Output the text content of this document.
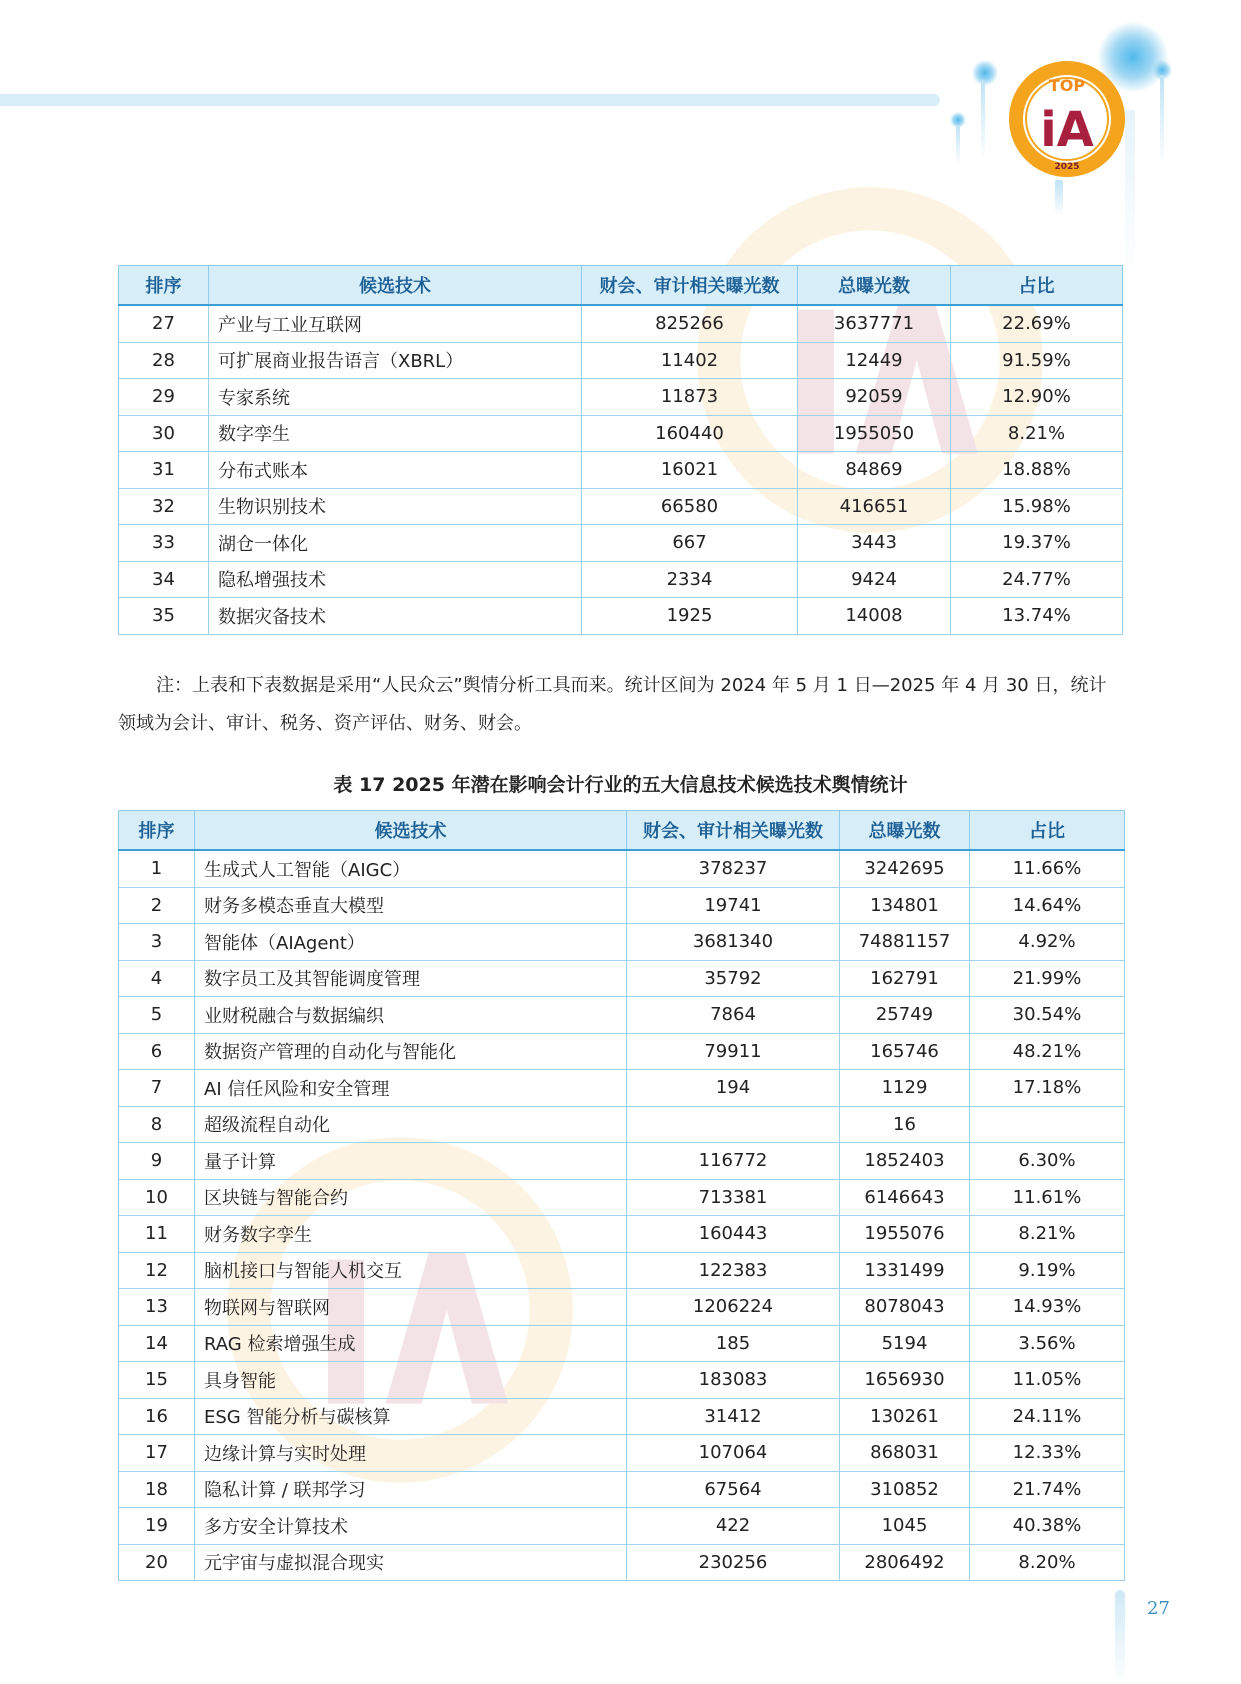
TOP
iA
2025
排序	候选技术	财会、审计相关曝光数	总曝光数	占比
27	产业与工业互联网	825266	3637771	22.69%
28	可扩展商业报告语言（XBRL）	11402	12449	91.59%
29	专家系统	11873	92059	12.90%
30	数字孪生	160440	1955050	8.21%
31	分布式账本	16021	84869	18.88%
32	生物识别技术	66580	416651	15.98%
33	湖仓一体化	667	3443	19.37%
34	隐私增强技术	2334	9424	24.77%
35	数据灾备技术	1925	14008	13.74%
注：上表和下表数据是采用“人民众云”舆情分析工具而来。统计区间为 2024 年 5 月 1 日—2025 年 4 月 30 日，统计领域为会计、审计、税务、资产评估、财务、财会。
表 17 2025 年潜在影响会计行业的五大信息技术候选技术舆情统计
排序	候选技术	财会、审计相关曝光数	总曝光数	占比
1	生成式人工智能（AIGC）	378237	3242695	11.66%
2	财务多模态垂直大模型	19741	134801	14.64%
3	智能体（AIAgent）	3681340	74881157	4.92%
4	数字员工及其智能调度管理	35792	162791	21.99%
5	业财税融合与数据编织	7864	25749	30.54%
6	数据资产管理的自动化与智能化	79911	165746	48.21%
7	AI 信任风险和安全管理	194	1129	17.18%
8	超级流程自动化		16	
9	量子计算	116772	1852403	6.30%
10	区块链与智能合约	713381	6146643	11.61%
11	财务数字孪生	160443	1955076	8.21%
12	脑机接口与智能人机交互	122383	1331499	9.19%
13	物联网与智联网	1206224	8078043	14.93%
14	RAG 检索增强生成	185	5194	3.56%
15	具身智能	183083	1656930	11.05%
16	ESG 智能分析与碳核算	31412	130261	24.11%
17	边缘计算与实时处理	107064	868031	12.33%
18	隐私计算 / 联邦学习	67564	310852	21.74%
19	多方安全计算技术	422	1045	40.38%
20	元宇宙与虚拟混合现实	230256	2806492	8.20%
27
